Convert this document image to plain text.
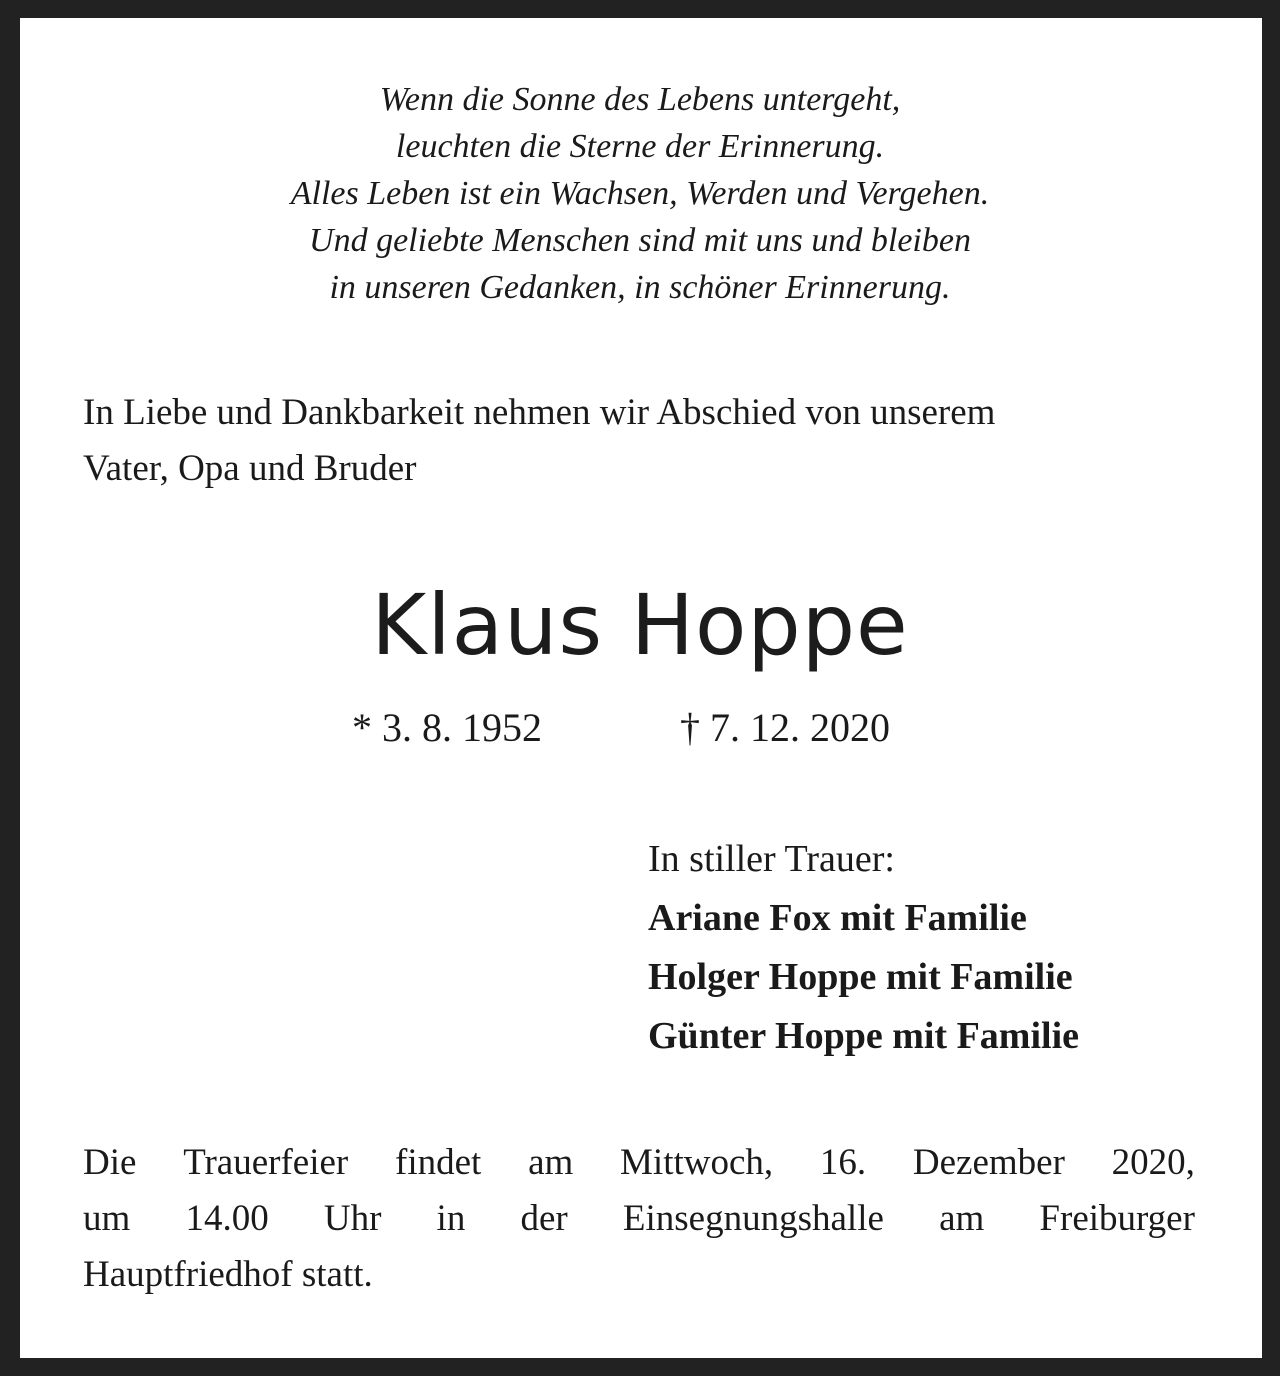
Wenn die Sonne des Lebens untergeht,
leuchten die Sterne der Erinnerung.
Alles Leben ist ein Wachsen, Werden und Vergehen.
Und geliebte Menschen sind mit uns und bleiben
in unseren Gedanken, in schöner Erinnerung.
In Liebe und Dankbarkeit nehmen wir Abschied von unserem
Vater, Opa und Bruder
Klaus Hoppe
* 3. 8. 1952	† 7. 12. 2020
In stiller Trauer:
Ariane Fox mit Familie
Holger Hoppe mit Familie
Günter Hoppe mit Familie
Die Trauerfeier findet am Mittwoch, 16. Dezember 2020,
um 14.00 Uhr in der Einsegnungshalle am Freiburger
Hauptfriedhof statt.
